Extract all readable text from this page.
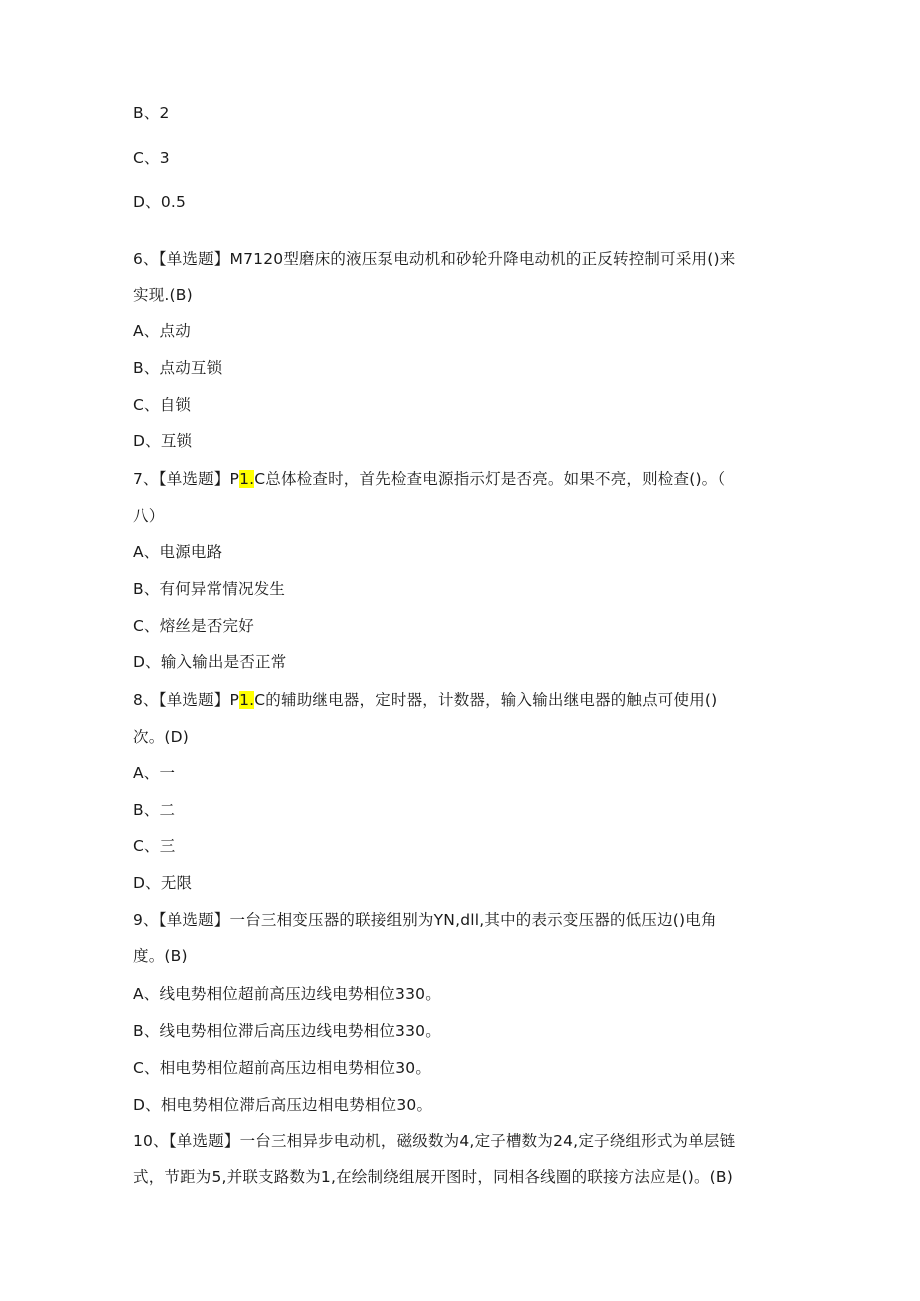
B、2
C、3
D、0.5
6、【单选题】M7120型磨床的液压泵电动机和砂轮升降电动机的正反转控制可采用()来
实现.(B)
A、点动
B、点动互锁
C、自锁
D、互锁
7、【单选题】P1.C总体检查时，首先检查电源指示灯是否亮。如果不亮，则检查()。（
八）
A、电源电路
B、有何异常情况发生
C、熔丝是否完好
D、输入输出是否正常
8、【单选题】P1.C的辅助继电器，定时器，计数器，输入输出继电器的触点可使用()
次。(D)
A、一
B、二
C、三
D、无限
9、【单选题】一台三相变压器的联接组别为YN,dll,其中的表示变压器的低压边()电角
度。(B)
A、线电势相位超前高压边线电势相位330。
B、线电势相位滞后高压边线电势相位330。
C、相电势相位超前高压边相电势相位30。
D、相电势相位滞后高压边相电势相位30。
10、【单选题】一台三相异步电动机，磁级数为4,定子槽数为24,定子绕组形式为单层链
式，节距为5,并联支路数为1,在绘制绕组展开图时，同相各线圈的联接方法应是()。(B)
